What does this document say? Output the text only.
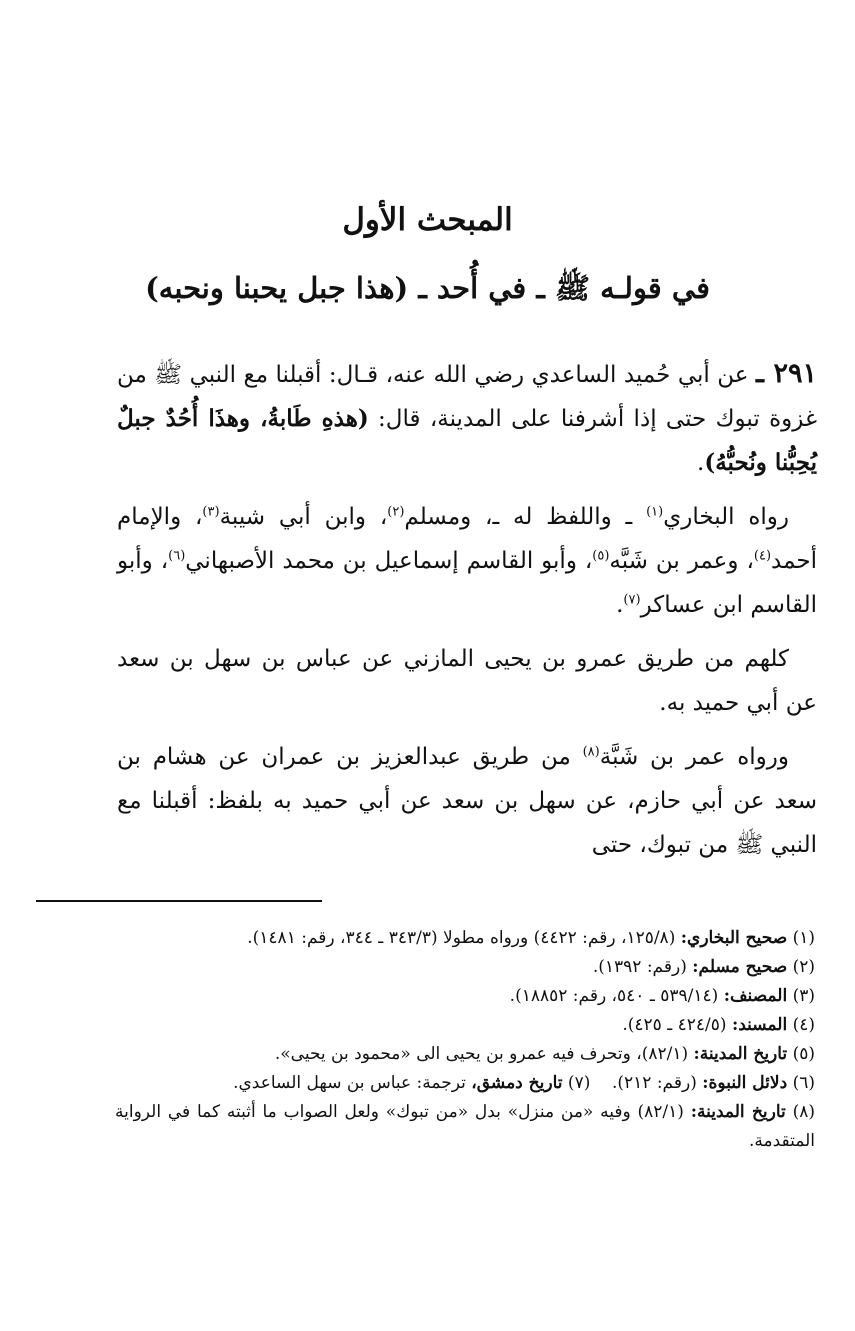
المبحث الأول
في قولـه ﷺ ـ في أُحد ـ (هذا جبل يحبنا ونحبه)

٢٩١ ـ عن أبي حُميد الساعدي رضي الله عنه، قـال: أقبلنا مع النبي ﷺ من غزوة تبوك حتى إذا أشرفنا على المدينة، قال: (هذهِ طَابةُ، وهذَا أُحُدٌ جبلٌ يُحِبُّنا ونُحبُّهُ).

رواه البخاري$^{(١)}$ ـ واللفظ له ـ، ومسلم$^{(٢)}$، وابن أبي شيبة$^{(٣)}$، والإمام أحمد$^{(٤)}$، وعمر بن شَبَّه$^{(٥)}$، وأبو القاسم إسماعيل بن محمد الأصبهاني$^{(٦)}$، وأبو القاسم ابن عساكر$^{(٧)}$.

كلهم من طريق عمرو بن يحيى المازني عن عباس بن سهل بن سعد عن أبي حميد به.

ورواه عمر بن شَبَّة$^{(٨)}$ من طريق عبدالعزيز بن عمران عن هشام بن سعد عن أبي حازم، عن سهل بن سعد عن أبي حميد به بلفظ: أقبلنا مع النبي ﷺ من تبوك، حتى

(١) صحيح البخاري: (١٢٥/٨، رقم: ٤٤٢٢) ورواه مطولا (٣٤٣/٣ ـ ٣٤٤، رقم: ١٤٨١).

(٢) صحيح مسلم: (رقم: ١٣٩٢).

(٣) المصنف: (٥٣٩/١٤ ـ ٥٤٠، رقم: ١٨٨٥٢).

(٤) المسند: (٤٢٤/٥ ـ ٤٢٥).

(٥) تاريخ المدينة: (٨٢/١)، وتحرف فيه عمرو بن يحيى الى «محمود بن يحيى».

(٦) دلائل النبوة: (رقم: ٢١٢).    (٧) تاريخ دمشق، ترجمة: عباس بن سهل الساعدي.

(٨) تاريخ المدينة: (٨٢/١) وفيه «من منزل» بدل «من تبوك» ولعل الصواب ما أثبته كما في الرواية المتقدمة.
